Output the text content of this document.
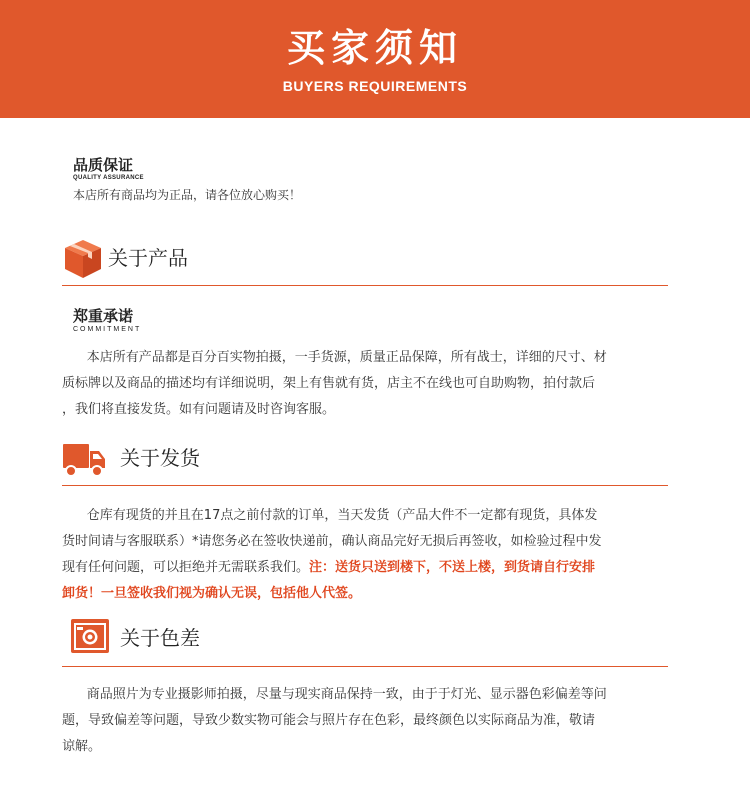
买家须知
BUYERS REQUIREMENTS
品质保证
QUALITY ASSURANCE
本店所有商品均为正品，请各位放心购买！
关于产品
郑重承诺
COMMITMENT
本店所有产品都是百分百实物拍摄，一手货源，质量正品保障，所有战士，详细的尺寸、材
质标牌以及商品的描述均有详细说明，架上有售就有货，店主不在线也可自助购物，拍付款后
，我们将直接发货。如有问题请及时咨询客服。
关于发货
仓库有现货的并且在17点之前付款的订单，当天发货（产品大件不一定都有现货，具体发
货时间请与客服联系）*请您务必在签收快递前，确认商品完好无损后再签收，如检验过程中发
现有任何问题，可以拒绝并无需联系我们。注：送货只送到楼下，不送上楼，到货请自行安排
卸货！一旦签收我们视为确认无误，包括他人代签。
关于色差
商品照片为专业摄影师拍摄，尽量与现实商品保持一致，由于于灯光、显示器色彩偏差等问
题，导致偏差等问题，导致少数实物可能会与照片存在色彩，最终颜色以实际商品为准，敬请
谅解。
